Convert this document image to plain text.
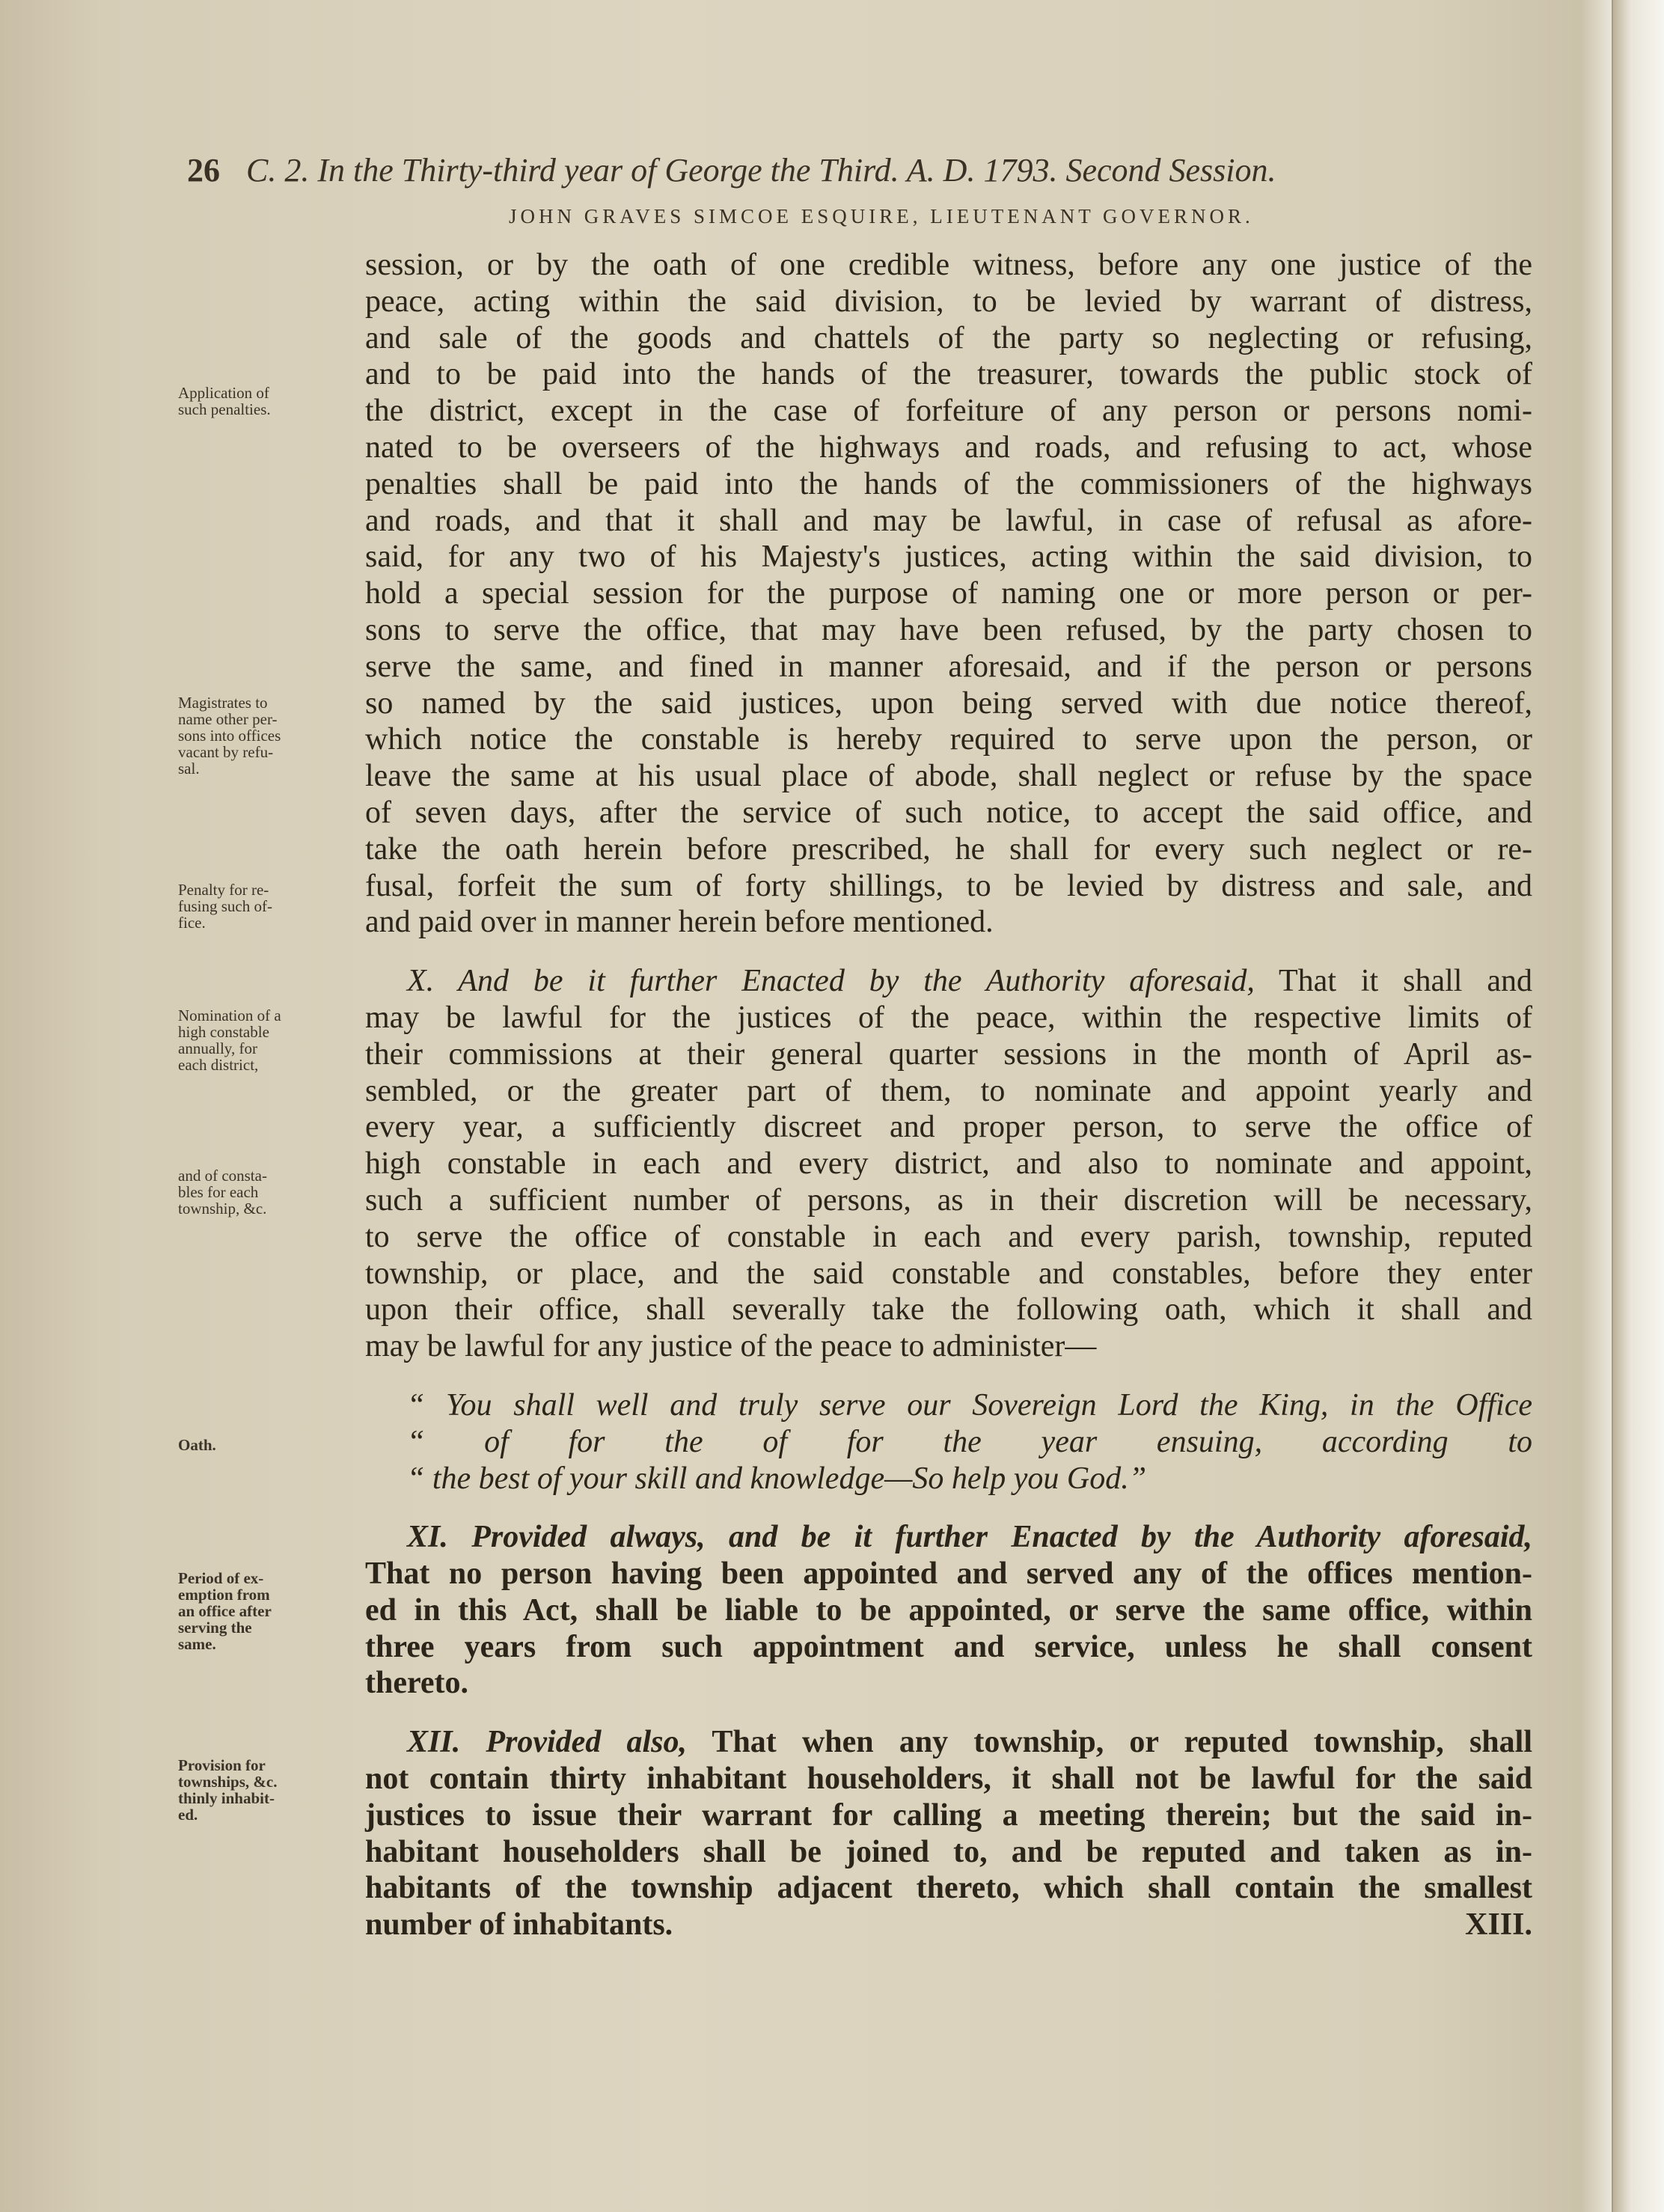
26 C. 2. In the Thirty-third year of George the Third. A. D. 1793. Second Session.
JOHN GRAVES SIMCOE ESQUIRE, LIEUTENANT GOVERNOR.
Application of
such penalties.
Magistrates to
name other per-
sons into offices
vacant by refu-
sal.
Penalty for re-
fusing such of-
fice.
Nomination of a
high constable
annually, for
each district,
and of consta-
bles for each
township, &c.
Oath.
Period of ex-
emption from
an office after
serving the
same.
Provision for
townships, &c.
thinly inhabit-
ed.
session, or by the oath of one credible witness, before any one justice of the
peace, acting within the said division, to be levied by warrant of distress,
and sale of the goods and chattels of the party so neglecting or refusing,
and to be paid into the hands of the treasurer, towards the public stock of
the district, except in the case of forfeiture of any person or persons nomi-
nated to be overseers of the highways and roads, and refusing to act, whose
penalties shall be paid into the hands of the commissioners of the highways
and roads, and that it shall and may be lawful, in case of refusal as afore-
said, for any two of his Majesty's justices, acting within the said division, to
hold a special session for the purpose of naming one or more person or per-
sons to serve the office, that may have been refused, by the party chosen to
serve the same, and fined in manner aforesaid, and if the person or persons
so named by the said justices, upon being served with due notice thereof,
which notice the constable is hereby required to serve upon the person, or
leave the same at his usual place of abode, shall neglect or refuse by the space
of seven days, after the service of such notice, to accept the said office, and
take the oath herein before prescribed, he shall for every such neglect or re-
fusal, forfeit the sum of forty shillings, to be levied by distress and sale, and
and paid over in manner herein before mentioned.
X. And be it further Enacted by the Authority aforesaid, That it shall and
may be lawful for the justices of the peace, within the respective limits of
their commissions at their general quarter sessions in the month of April as-
sembled, or the greater part of them, to nominate and appoint yearly and
every year, a sufficiently discreet and proper person, to serve the office of
high constable in each and every district, and also to nominate and appoint,
such a sufficient number of persons, as in their discretion will be necessary,
to serve the office of constable in each and every parish, township, reputed
township, or place, and the said constable and constables, before they enter
upon their office, shall severally take the following oath, which it shall and
may be lawful for any justice of the peace to administer—
“ You shall well and truly serve our Sovereign Lord the King, in the Office
“ of for the of for the year ensuing, according to
“ the best of your skill and knowledge—So help you God.”
XI. Provided always, and be it further Enacted by the Authority aforesaid,
That no person having been appointed and served any of the offices mention-
ed in this Act, shall be liable to be appointed, or serve the same office, within
three years from such appointment and service, unless he shall consent
thereto.
XII. Provided also, That when any township, or reputed township, shall
not contain thirty inhabitant householders, it shall not be lawful for the said
justices to issue their warrant for calling a meeting therein; but the said in-
habitant householders shall be joined to, and be reputed and taken as in-
habitants of the township adjacent thereto, which shall contain the smallest
number of inhabitants.	XIII.
